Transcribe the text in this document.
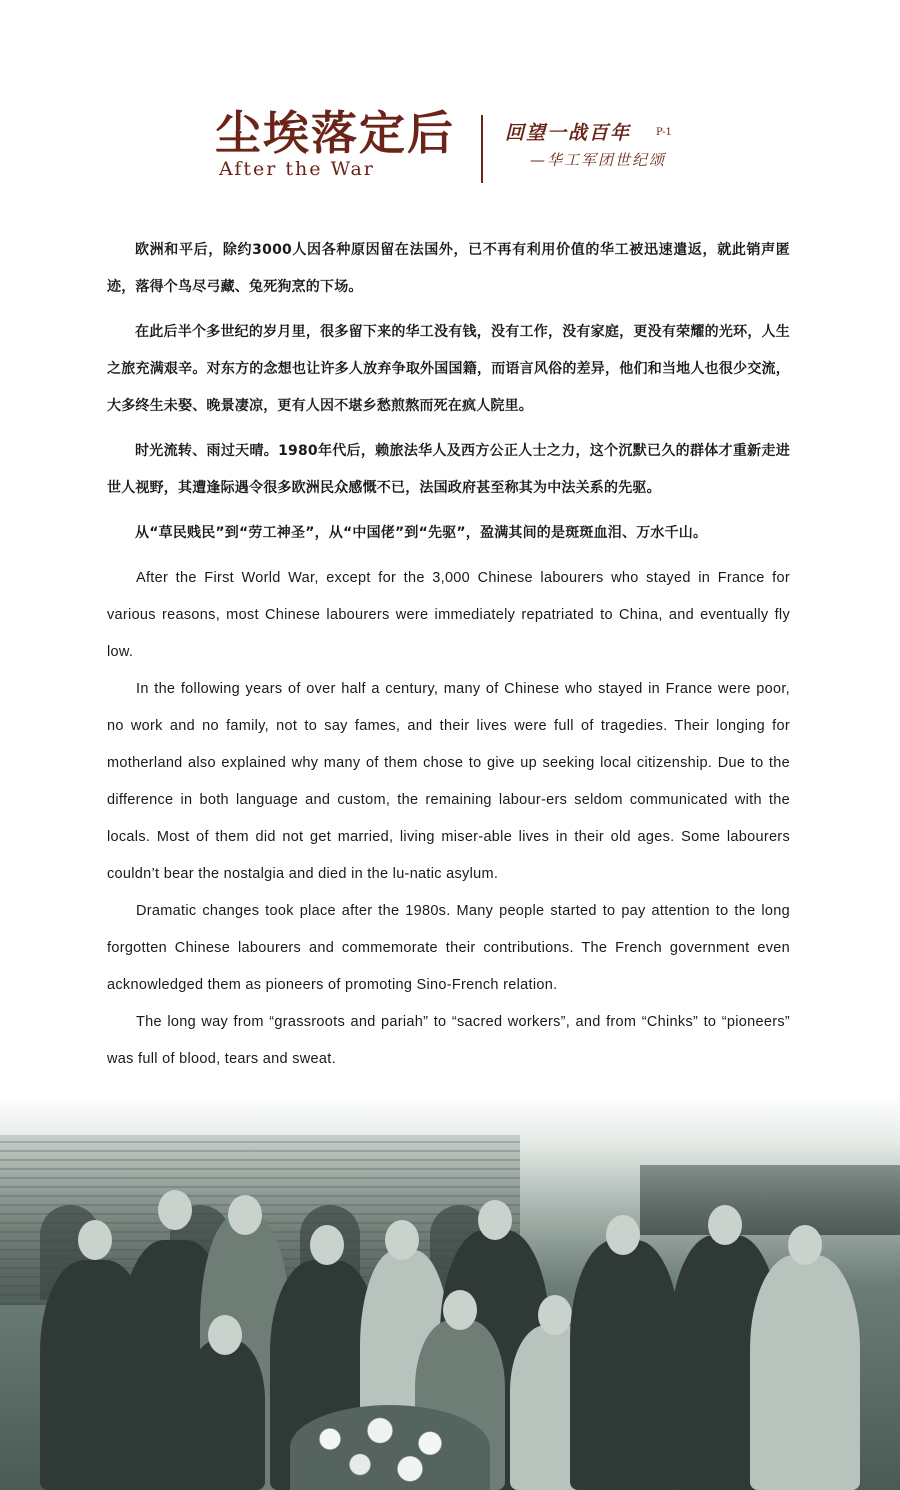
尘埃落定后
After the War
回望一战百年 P-1
—华工军团世纪颂

欧洲和平后，除约3000人因各种原因留在法国外，已不再有利用价值的华工被迅速遣返，就此销声匿迹，落得个鸟尽弓藏、兔死狗烹的下场。

在此后半个多世纪的岁月里，很多留下来的华工没有钱，没有工作，没有家庭，更没有荣耀的光环，人生之旅充满艰辛。对东方的念想也让许多人放弃争取外国国籍，而语言风俗的差异，他们和当地人也很少交流，大多终生未娶、晚景凄凉，更有人因不堪乡愁煎熬而死在疯人院里。

时光流转、雨过天晴。1980年代后，赖旅法华人及西方公正人士之力，这个沉默已久的群体才重新走进世人视野，其遭逢际遇令很多欧洲民众感慨不已，法国政府甚至称其为中法关系的先驱。

从“草民贱民”到“劳工神圣”，从“中国佬”到“先驱”，盈满其间的是斑斑血泪、万水千山。

After the First World War, except for the 3,000 Chinese labourers who stayed in France for various reasons, most Chinese labourers were immediately repatriated to China, and eventually fly low.

In the following years of over half a century, many of Chinese who stayed in France were poor, no work and no family, not to say fames, and their lives were full of tragedies. Their longing for motherland also explained why many of them chose to give up seeking local citizenship. Due to the difference in both language and custom, the remaining labour-ers seldom communicated with the locals. Most of them did not get married, living miser-able lives in their old ages. Some labourers couldn’t bear the nostalgia and died in the lu-natic asylum.

Dramatic changes took place after the 1980s. Many people started to pay attention to the long forgotten Chinese labourers and commemorate their contributions. The French government even acknowledged them as pioneers of promoting Sino-French relation.

The long way from “grassroots and pariah” to “sacred workers”, and from “Chinks” to “pioneers” was full of blood, tears and sweat.
